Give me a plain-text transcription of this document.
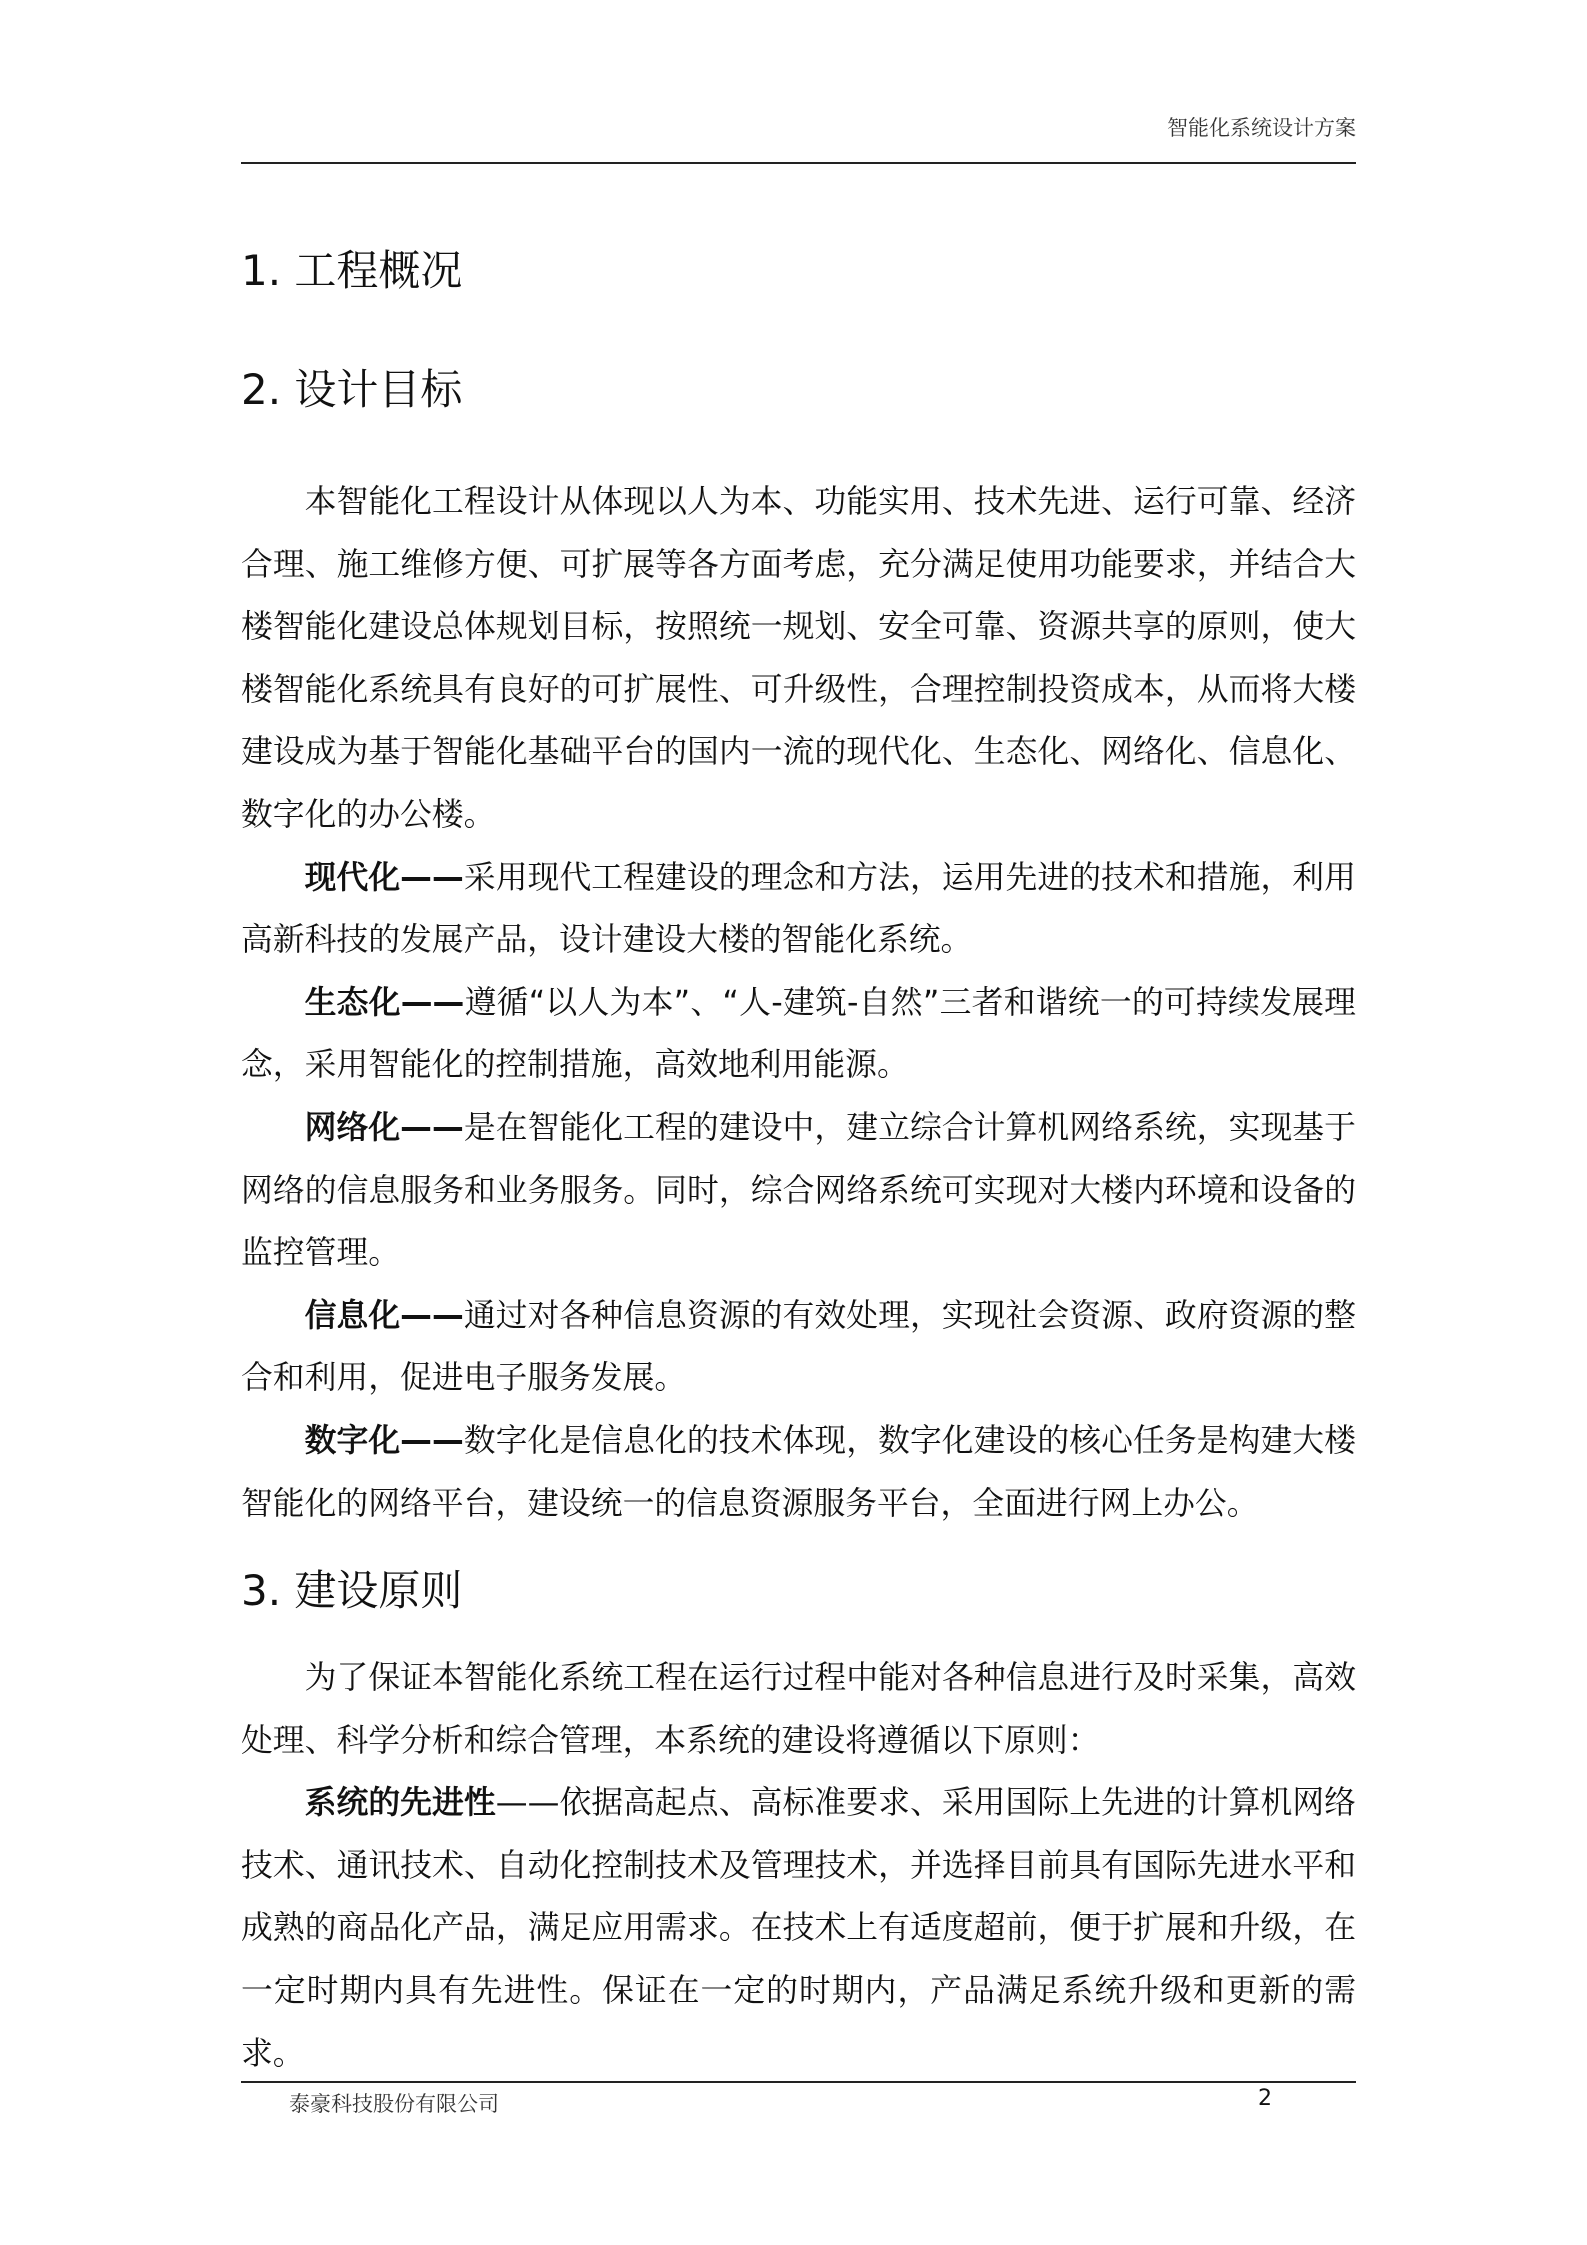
智能化系统设计方案
1. 工程概况
2. 设计目标

本智能化工程设计从体现以人为本、功能实用、技术先进、运行可靠、经济合理、施工维修方便、可扩展等各方面考虑，充分满足使用功能要求，并结合大楼智能化建设总体规划目标，按照统一规划、安全可靠、资源共享的原则，使大楼智能化系统具有良好的可扩展性、可升级性，合理控制投资成本，从而将大楼建设成为基于智能化基础平台的国内一流的现代化、生态化、网络化、信息化、数字化的办公楼。

现代化——采用现代工程建设的理念和方法，运用先进的技术和措施，利用高新科技的发展产品，设计建设大楼的智能化系统。

生态化——遵循“以人为本”、“人-建筑-自然”三者和谐统一的可持续发展理念，采用智能化的控制措施，高效地利用能源。

网络化——是在智能化工程的建设中，建立综合计算机网络系统，实现基于网络的信息服务和业务服务。同时，综合网络系统可实现对大楼内环境和设备的监控管理。

信息化——通过对各种信息资源的有效处理，实现社会资源、政府资源的整合和利用，促进电子服务发展。

数字化——数字化是信息化的技术体现，数字化建设的核心任务是构建大楼智能化的网络平台，建设统一的信息资源服务平台，全面进行网上办公。

3. 建设原则

为了保证本智能化系统工程在运行过程中能对各种信息进行及时采集，高效处理、科学分析和综合管理，本系统的建设将遵循以下原则：

系统的先进性——依据高起点、高标准要求、采用国际上先进的计算机网络技术、通讯技术、自动化控制技术及管理技术，并选择目前具有国际先进水平和成熟的商品化产品，满足应用需求。在技术上有适度超前，便于扩展和升级，在一定时期内具有先进性。保证在一定的时期内，产品满足系统升级和更新的需求。

泰豪科技股份有限公司	2
